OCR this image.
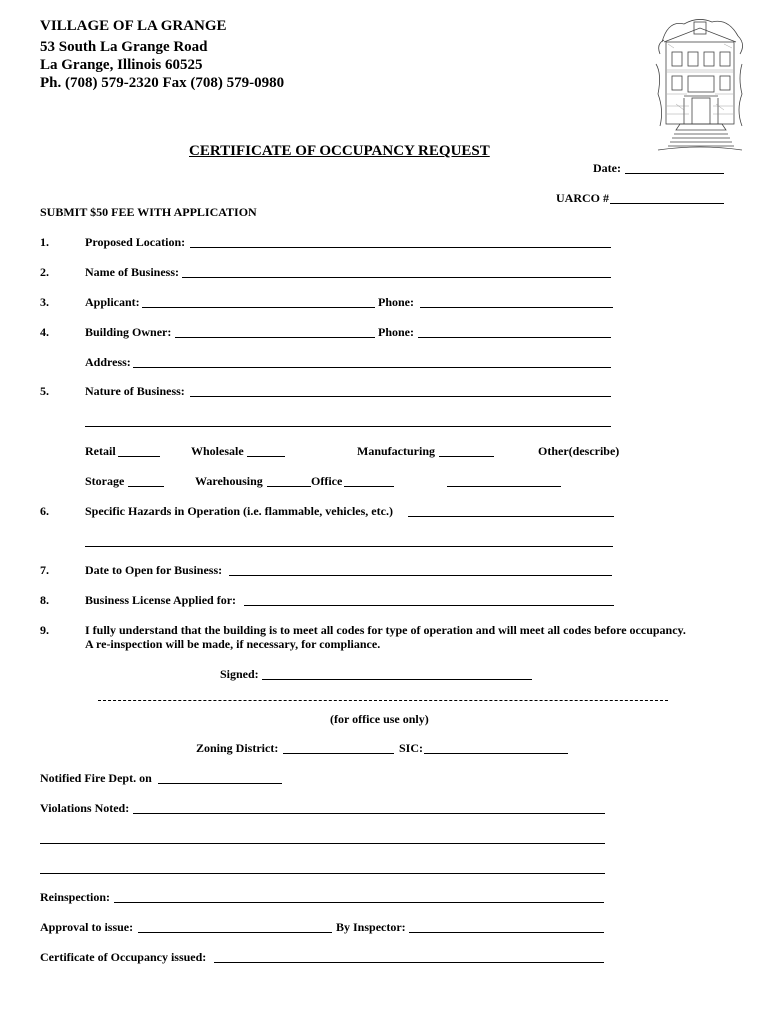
VILLAGE OF LA GRANGE
53 South La Grange Road
La Grange, Illinois 60525
Ph. (708) 579-2320 Fax (708) 579-0980
CERTIFICATE OF OCCUPANCY REQUEST
Date:
UARCO #
SUBMIT $50 FEE WITH APPLICATION
1.	Proposed Location:
2.	Name of Business:
3.	Applicant:	Phone:
4.	Building Owner:	Phone:
Address:
5.	Nature of Business:
Retail	Wholesale	Manufacturing	Other(describe)
Storage	Warehousing	Office
6.	Specific Hazards in Operation (i.e. flammable, vehicles, etc.)
7.	Date to Open for Business:
8.	Business License Applied for:
9.	I fully understand that the building is to meet all codes for type of operation and will meet all codes before occupancy.
A re-inspection will be made, if necessary, for compliance.
Signed:
(for office use only)
Zoning District:	SIC:
Notified Fire Dept. on
Violations Noted:
Reinspection:
Approval to issue:	By Inspector:
Certificate of Occupancy issued:
